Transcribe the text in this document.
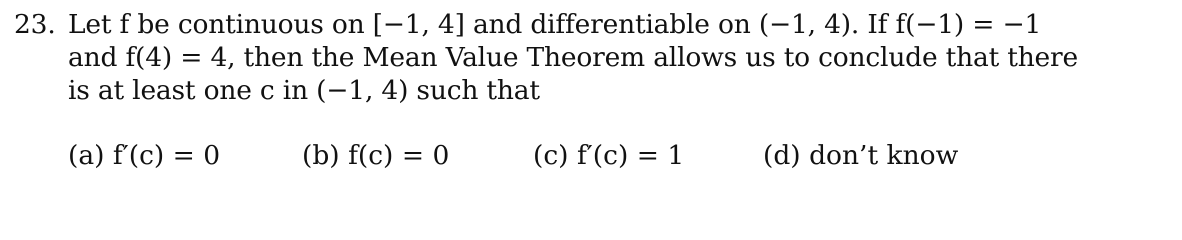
23. Let f be continuous on [−1, 4] and differentiable on (−1, 4). If f(−1) = −1
and f(4) = 4, then the Mean Value Theorem allows us to conclude that there
is at least one c in (−1, 4) such that
(a) f′(c) = 0	(b) f(c) = 0	(c) f′(c) = 1	(d) don’t know
